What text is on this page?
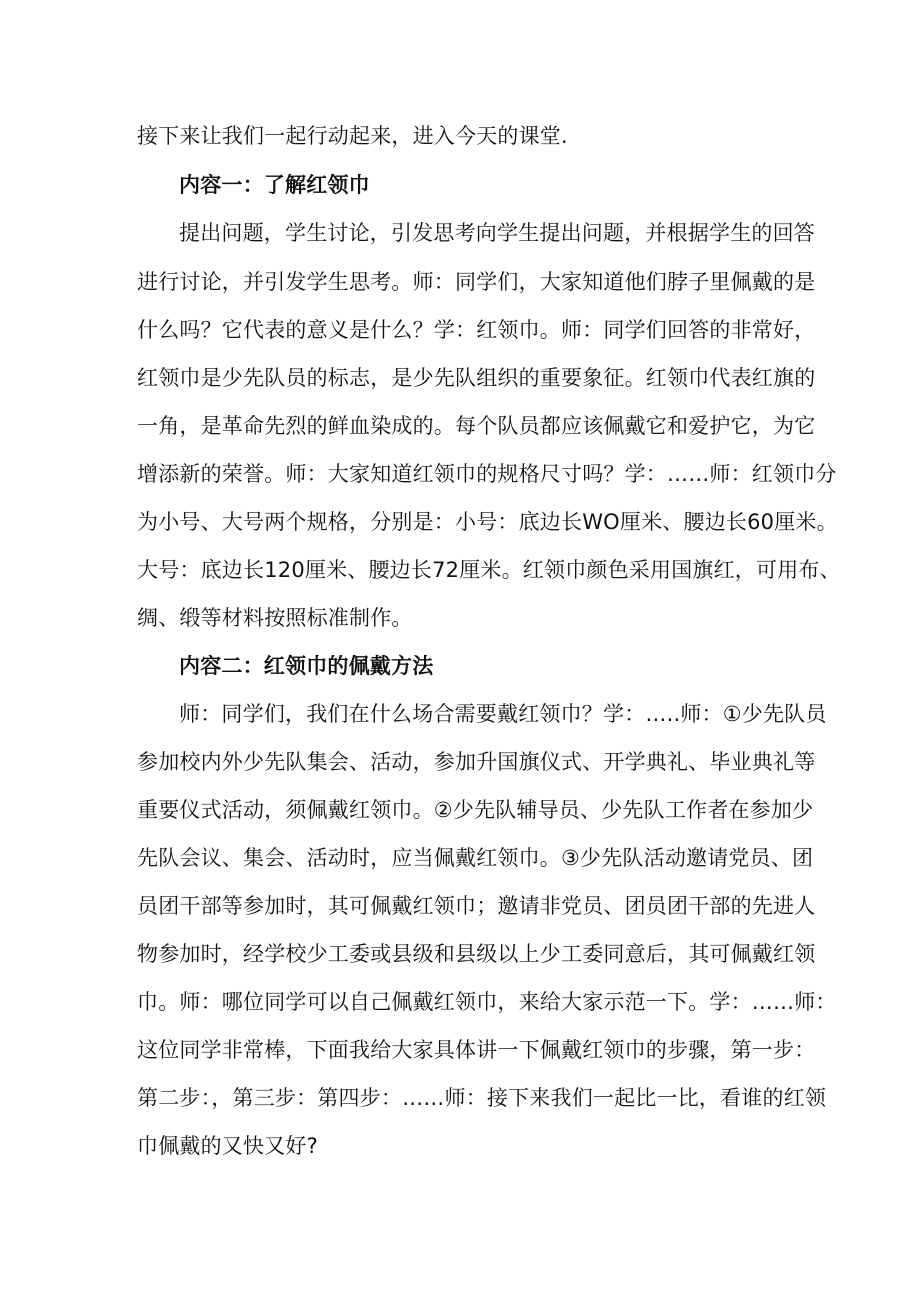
接下来让我们一起行动起来，进入今天的课堂.
内容一：了解红领巾
提出问题，学生讨论，引发思考向学生提出问题，并根据学生的回答
进行讨论，并引发学生思考。师：同学们，大家知道他们脖子里佩戴的是
什么吗？它代表的意义是什么？学：红领巾。师：同学们回答的非常好，
红领巾是少先队员的标志，是少先队组织的重要象征。红领巾代表红旗的
一角，是革命先烈的鲜血染成的。每个队员都应该佩戴它和爱护它，为它
增添新的荣誉。师：大家知道红领巾的规格尺寸吗？学：……师：红领巾分
为小号、大号两个规格，分别是：小号：底边长WO厘米、腰边长60厘米。
大号：底边长120厘米、腰边长72厘米。红领巾颜色采用国旗红，可用布、
绸、缎等材料按照标准制作。
内容二：红领巾的佩戴方法
师：同学们，我们在什么场合需要戴红领巾？学：…..师：①少先队员
参加校内外少先队集会、活动，参加升国旗仪式、开学典礼、毕业典礼等
重要仪式活动，须佩戴红领巾。②少先队辅导员、少先队工作者在参加少
先队会议、集会、活动时，应当佩戴红领巾。③少先队活动邀请党员、团
员团干部等参加时，其可佩戴红领巾；邀请非党员、团员团干部的先进人
物参加时，经学校少工委或县级和县级以上少工委同意后，其可佩戴红领
巾。师：哪位同学可以自己佩戴红领巾，来给大家示范一下。学：……师：
这位同学非常棒，下面我给大家具体讲一下佩戴红领巾的步骤，第一步：
第二步：，第三步：第四步：……师：接下来我们一起比一比，看谁的红领
巾佩戴的又快又好?
